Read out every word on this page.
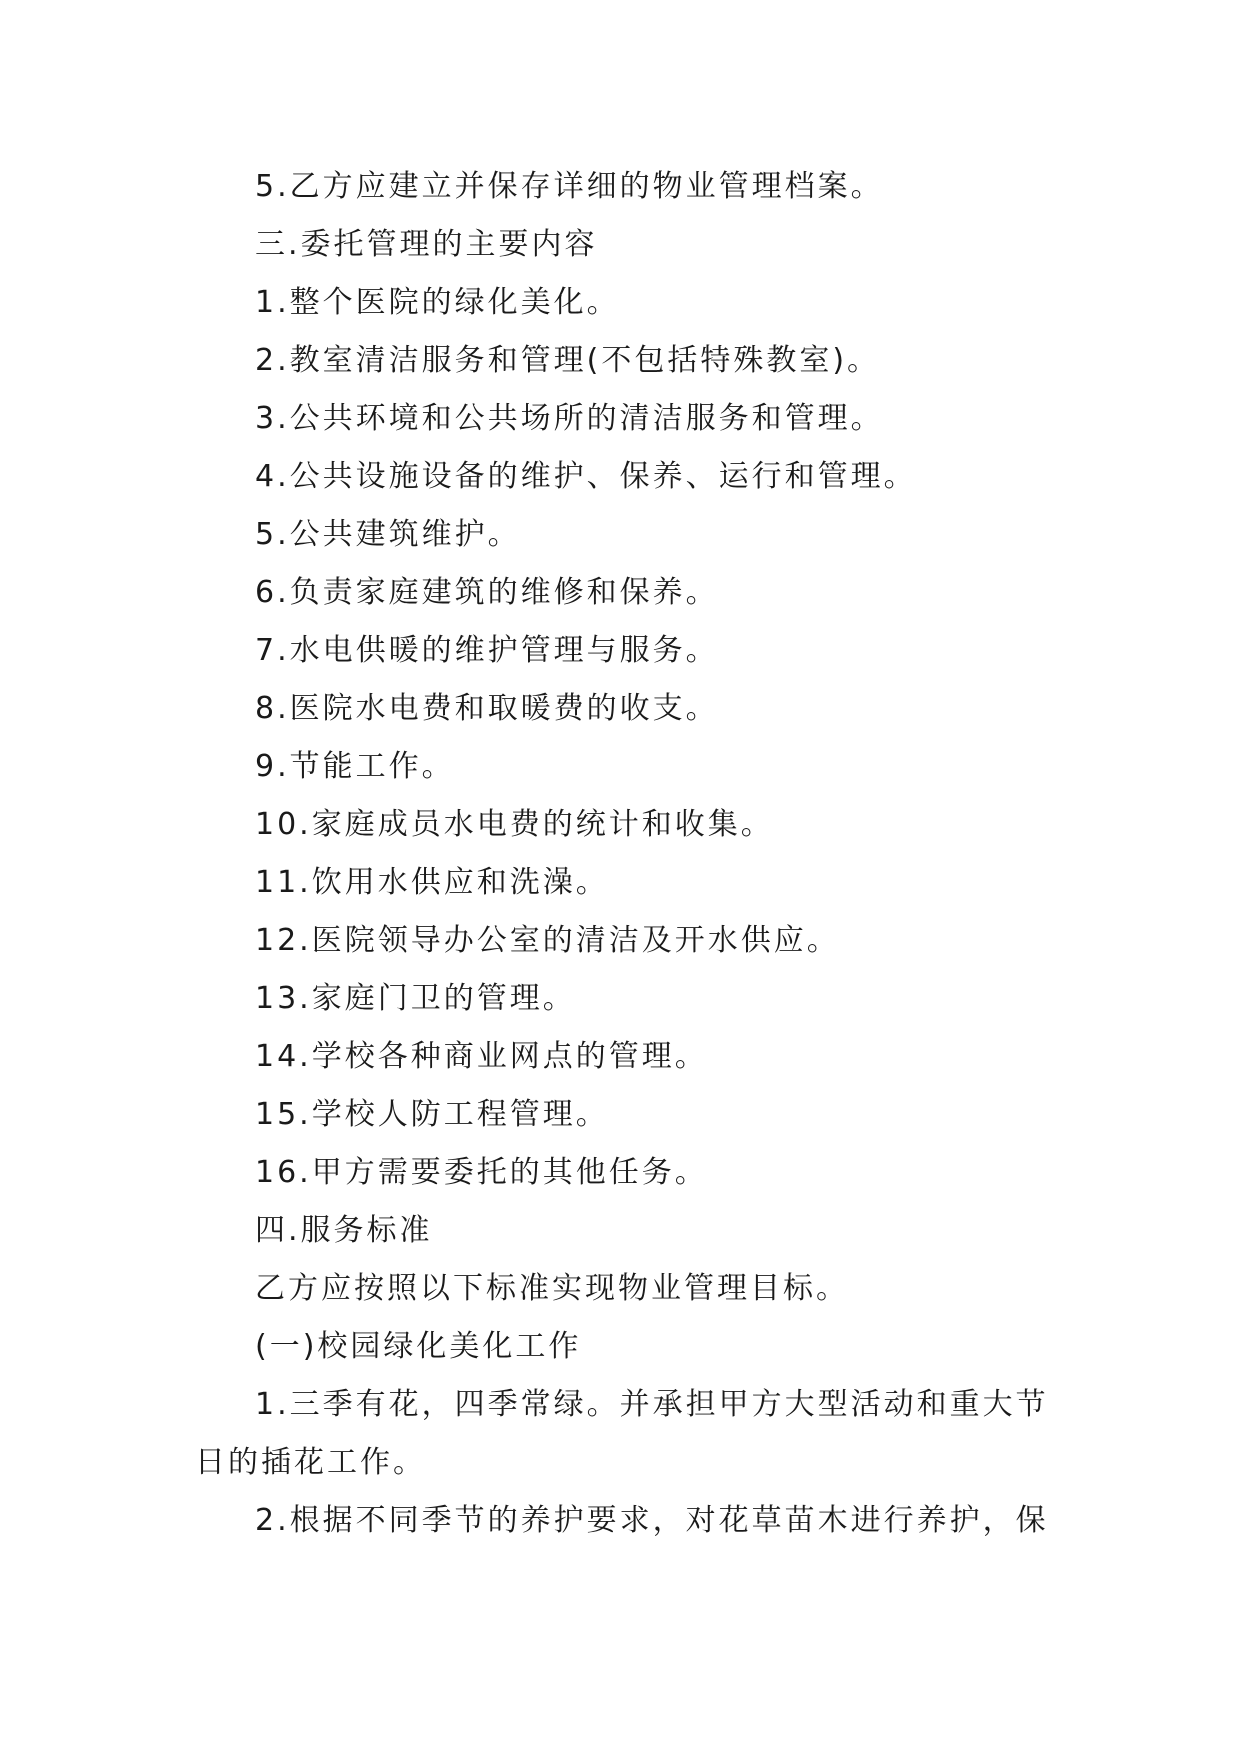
5.乙方应建立并保存详细的物业管理档案。
三.委托管理的主要内容
1.整个医院的绿化美化。
2.教室清洁服务和管理(不包括特殊教室)。
3.公共环境和公共场所的清洁服务和管理。
4.公共设施设备的维护、保养、运行和管理。
5.公共建筑维护。
6.负责家庭建筑的维修和保养。
7.水电供暖的维护管理与服务。
8.医院水电费和取暖费的收支。
9.节能工作。
10.家庭成员水电费的统计和收集。
11.饮用水供应和洗澡。
12.医院领导办公室的清洁及开水供应。
13.家庭门卫的管理。
14.学校各种商业网点的管理。
15.学校人防工程管理。
16.甲方需要委托的其他任务。
四.服务标准
乙方应按照以下标准实现物业管理目标。
(一)校园绿化美化工作
1.三季有花，四季常绿。并承担甲方大型活动和重大节
日的插花工作。
2.根据不同季节的养护要求，对花草苗木进行养护，保
